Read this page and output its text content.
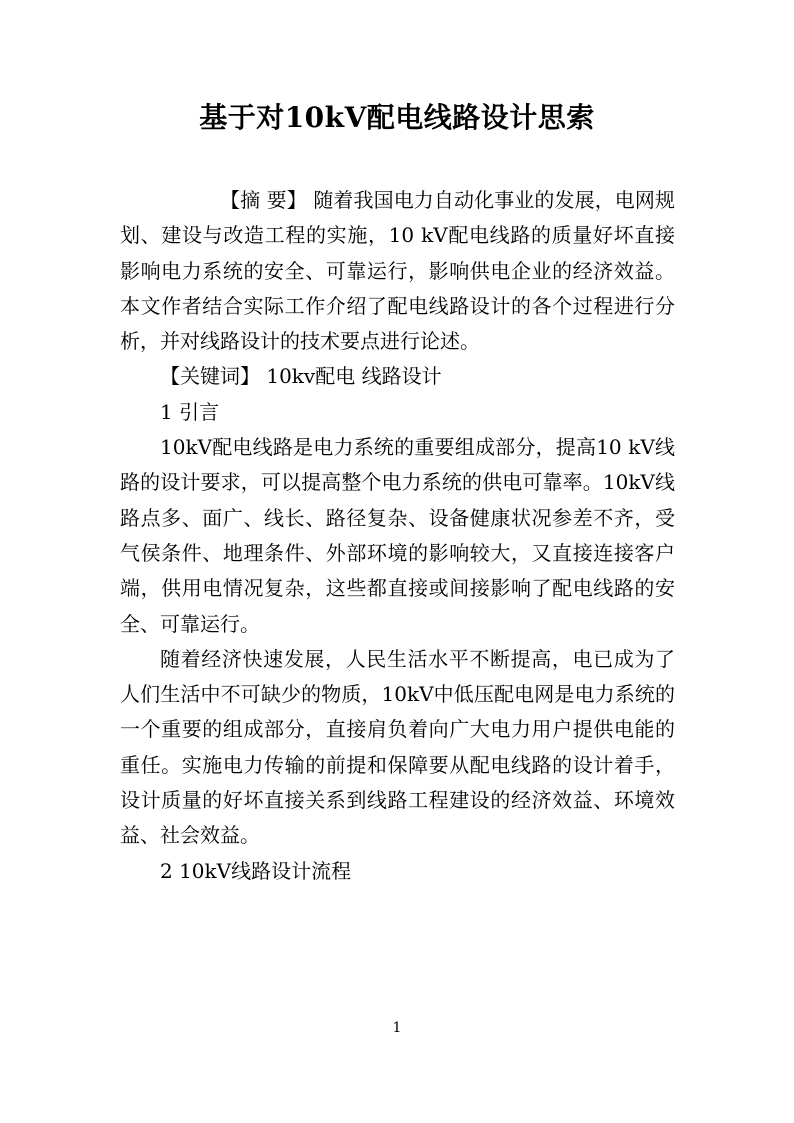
基于对10kV配电线路设计思索

【摘 要】 随着我国电力自动化事业的发展，电网规划、建设与改造工程的实施，10 kV配电线路的质量好坏直接影响电力系统的安全、可靠运行，影响供电企业的经济效益。本文作者结合实际工作介绍了配电线路设计的各个过程进行分析，并对线路设计的技术要点进行论述。

【关键词】 10kv配电 线路设计

1 引言

10kV配电线路是电力系统的重要组成部分，提高10 kV线路的设计要求，可以提高整个电力系统的供电可靠率。10kV线路点多、面广、线长、路径复杂、设备健康状况参差不齐，受气侯条件、地理条件、外部环境的影响较大，又直接连接客户端，供用电情况复杂，这些都直接或间接影响了配电线路的安全、可靠运行。

随着经济快速发展，人民生活水平不断提高，电已成为了人们生活中不可缺少的物质，10kV中低压配电网是电力系统的一个重要的组成部分，直接肩负着向广大电力用户提供电能的重任。实施电力传输的前提和保障要从配电线路的设计着手，设计质量的好坏直接关系到线路工程建设的经济效益、环境效益、社会效益。

2 10kV线路设计流程

1
